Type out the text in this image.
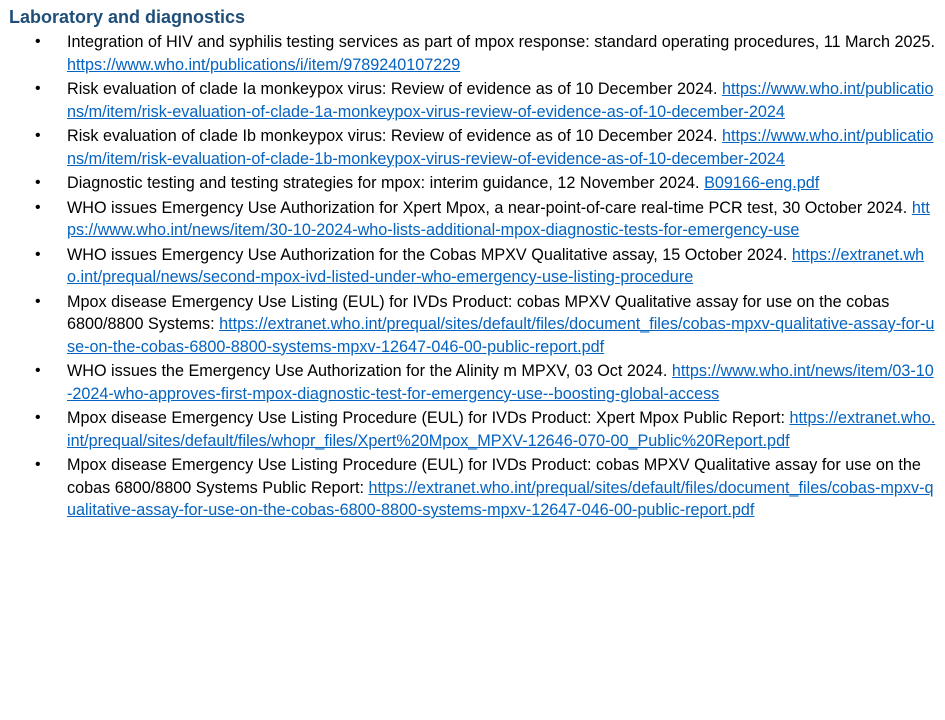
Laboratory and diagnostics
• Integration of HIV and syphilis testing services as part of mpox response: standard operating procedures, 11 March 2025. https://www.who.int/publications/i/item/9789240107229
• Risk evaluation of clade Ia monkeypox virus: Review of evidence as of 10 December 2024. https://www.who.int/publications/m/item/risk-evaluation-of-clade-1a-monkeypox-virus-review-of-evidence-as-of-10-december-2024
• Risk evaluation of clade Ib monkeypox virus: Review of evidence as of 10 December 2024. https://www.who.int/publications/m/item/risk-evaluation-of-clade-1b-monkeypox-virus-review-of-evidence-as-of-10-december-2024
• Diagnostic testing and testing strategies for mpox: interim guidance, 12 November 2024. B09166-eng.pdf
• WHO issues Emergency Use Authorization for Xpert Mpox, a near-point-of-care real-time PCR test, 30 October 2024. https://www.who.int/news/item/30-10-2024-who-lists-additional-mpox-diagnostic-tests-for-emergency-use
• WHO issues Emergency Use Authorization for the Cobas MPXV Qualitative assay, 15 October 2024. https://extranet.who.int/prequal/news/second-mpox-ivd-listed-under-who-emergency-use-listing-procedure
• Mpox disease Emergency Use Listing (EUL) for IVDs Product: cobas MPXV Qualitative assay for use on the cobas 6800/8800 Systems: https://extranet.who.int/prequal/sites/default/files/document_files/cobas-mpxv-qualitative-assay-for-use-on-the-cobas-6800-8800-systems-mpxv-12647-046-00-public-report.pdf
• WHO issues the Emergency Use Authorization for the Alinity m MPXV, 03 Oct 2024. https://www.who.int/news/item/03-10-2024-who-approves-first-mpox-diagnostic-test-for-emergency-use--boosting-global-access
• Mpox disease Emergency Use Listing Procedure (EUL) for IVDs Product: Xpert Mpox Public Report: https://extranet.who.int/prequal/sites/default/files/whopr_files/Xpert%20Mpox_MPXV-12646-070-00_Public%20Report.pdf
• Mpox disease Emergency Use Listing Procedure (EUL) for IVDs Product: cobas MPXV Qualitative assay for use on the cobas 6800/8800 Systems Public Report: https://extranet.who.int/prequal/sites/default/files/document_files/cobas-mpxv-qualitative-assay-for-use-on-the-cobas-6800-8800-systems-mpxv-12647-046-00-public-report.pdf
